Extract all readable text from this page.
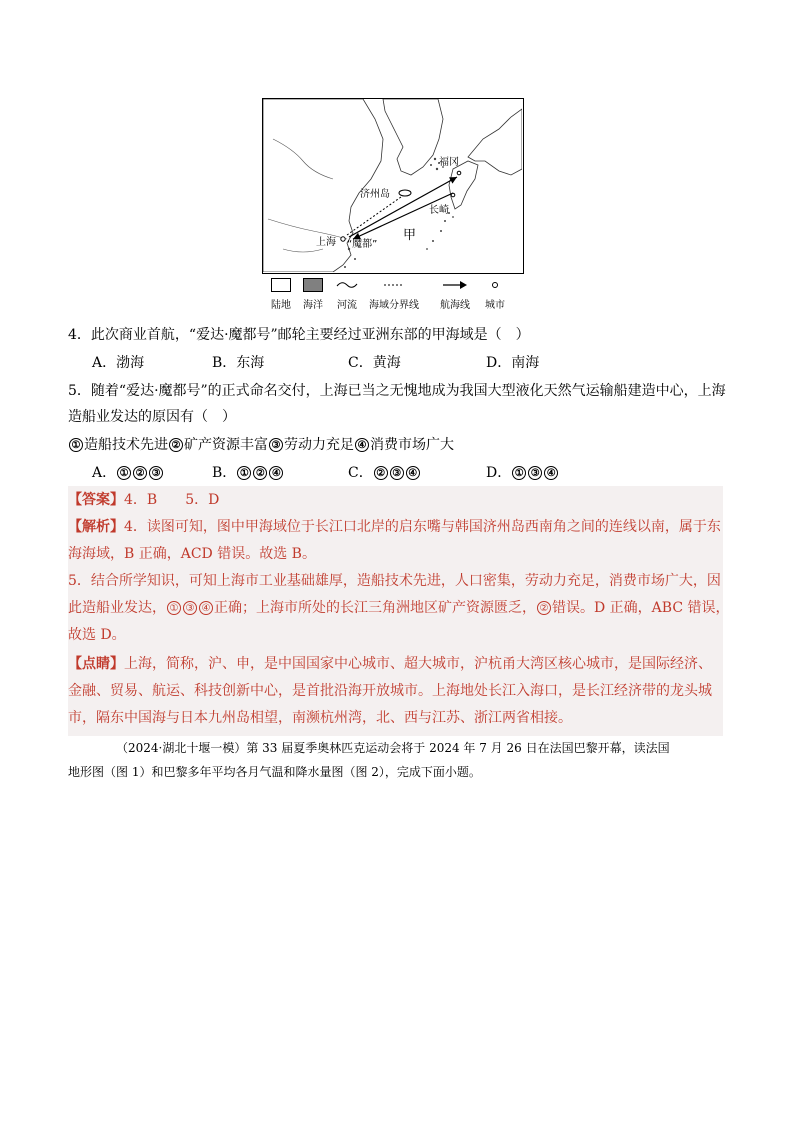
福冈
济州岛
长崎
上海 “魔都”
甲
陆地	海洋	河流	海域分界线	航海线	城市
4．此次商业首航，“爱达·魔都号”邮轮主要经过亚洲东部的甲海域是（　）
A．渤海	B．东海	C．黄海	D．南海
5．随着“爱达·魔都号”的正式命名交付，上海已当之无愧地成为我国大型液化天然气运输船建造中心，上海
造船业发达的原因有（　）
① 造船技术先进 ② 矿产资源丰富 ③ 劳动力充足 ④ 消费市场广大
A． ① ② ③	B． ① ② ④	C． ② ③ ④	D． ① ③ ④
【答案】4．B　　5．D
【解析】4．读图可知，图中甲海域位于长江口北岸的启东嘴与韩国济州岛西南角之间的连线以南，属于东
海海域，B 正确，ACD 错误。故选 B。
5．结合所学知识，可知上海市工业基础雄厚，造船技术先进，人口密集，劳动力充足，消费市场广大，因
此造船业发达， ① ③ ④ 正确；上海市所处的长江三角洲地区矿产资源匮乏， ② 错误。D 正确，ABC 错误，
故选 D。
【点睛】上海，简称，沪、申，是中国国家中心城市、超大城市，沪杭甬大湾区核心城市，是国际经济、
金融、贸易、航运、科技创新中心，是首批沿海开放城市。上海地处长江入海口，是长江经济带的龙头城
市，隔东中国海与日本九州岛相望，南濒杭州湾，北、西与江苏、浙江两省相接。
（2024·湖北十堰一模）第 33 届夏季奥林匹克运动会将于 2024 年 7 月 26 日在法国巴黎开幕，读法国
地形图（图 1）和巴黎多年平均各月气温和降水量图（图 2），完成下面小题。
